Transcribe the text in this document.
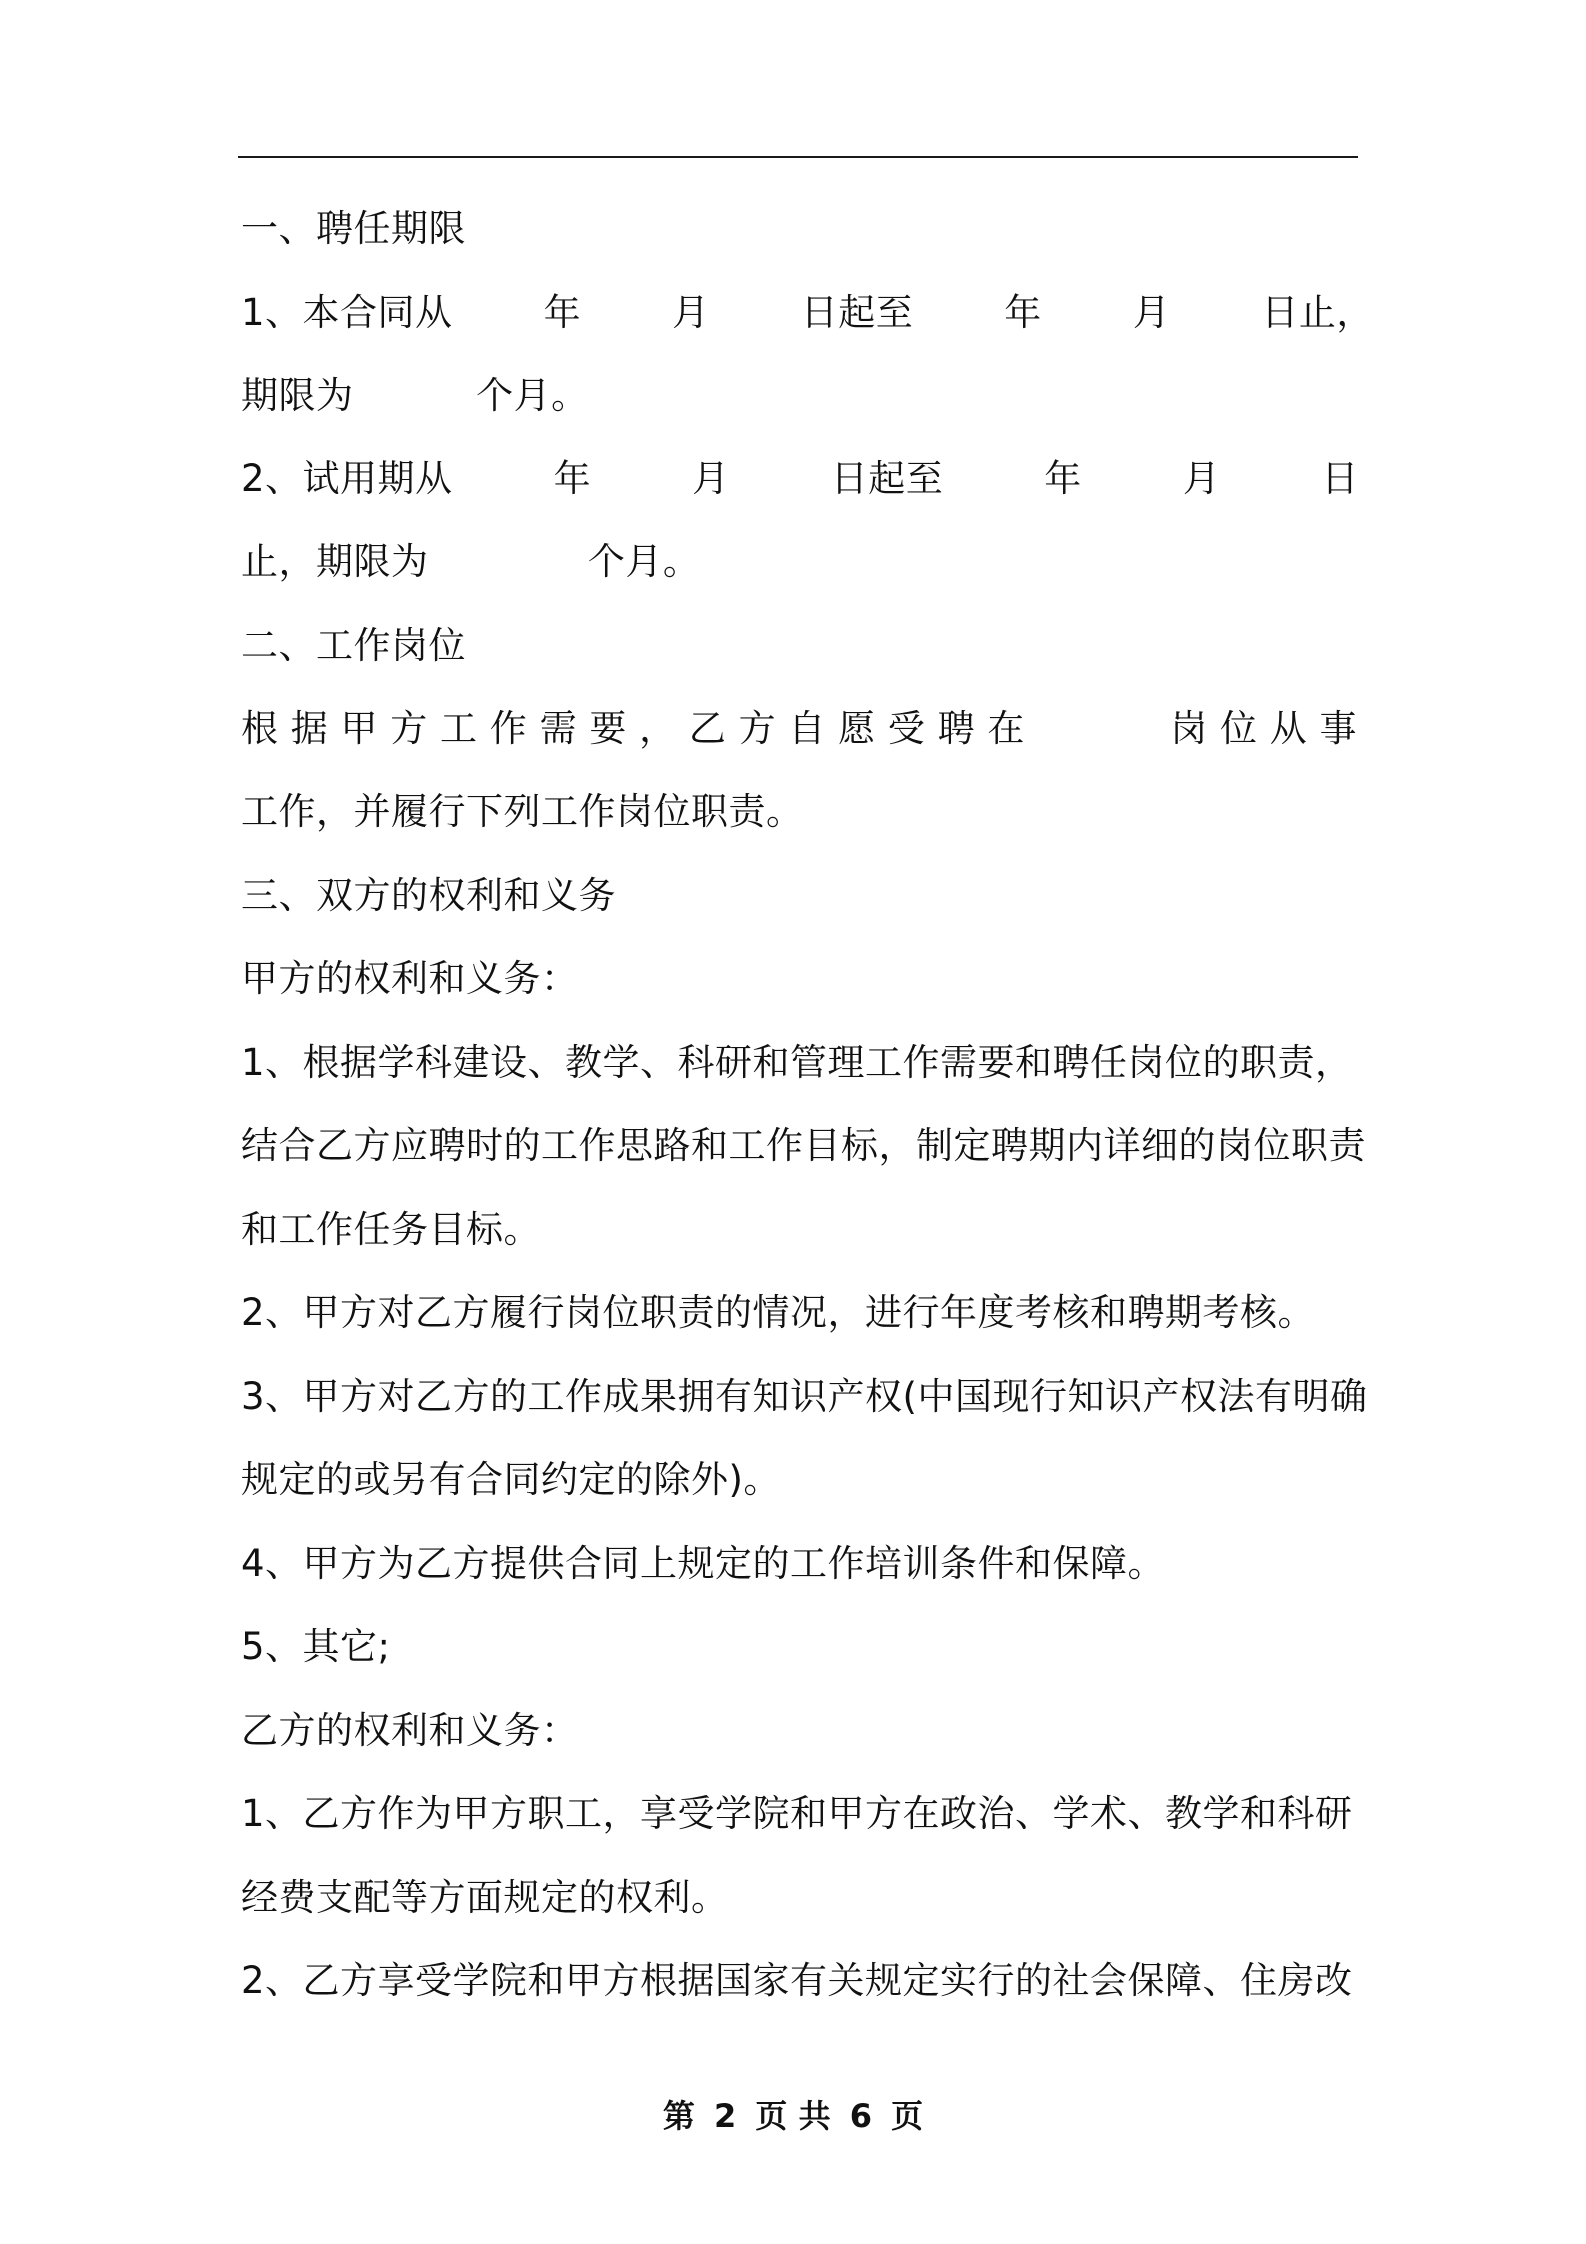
一、聘任期限
1、本合同从 年 月 日起至 年 月 日止，
期限为          个月。
2、试用期从	年	月	日起至	年	月	日
止，期限为             个月。
二、工作岗位
根 据 甲 方 工 作 需 要 ， 乙 方 自 愿 受 聘 在	岗 位 从 事
工作，并履行下列工作岗位职责。
三、双方的权利和义务
甲方的权利和义务：
1、根据学科建设、教学、科研和管理工作需要和聘任岗位的职责，
结合乙方应聘时的工作思路和工作目标，制定聘期内详细的岗位职责
和工作任务目标。
2、甲方对乙方履行岗位职责的情况，进行年度考核和聘期考核。
3、甲方对乙方的工作成果拥有知识产权(中国现行知识产权法有明确
规定的或另有合同约定的除外)。
4、甲方为乙方提供合同上规定的工作培训条件和保障。
5、其它;
乙方的权利和义务：
1、乙方作为甲方职工，享受学院和甲方在政治、学术、教学和科研
经费支配等方面规定的权利。
2、乙方享受学院和甲方根据国家有关规定实行的社会保障、住房改
第 2 页 共 6 页
